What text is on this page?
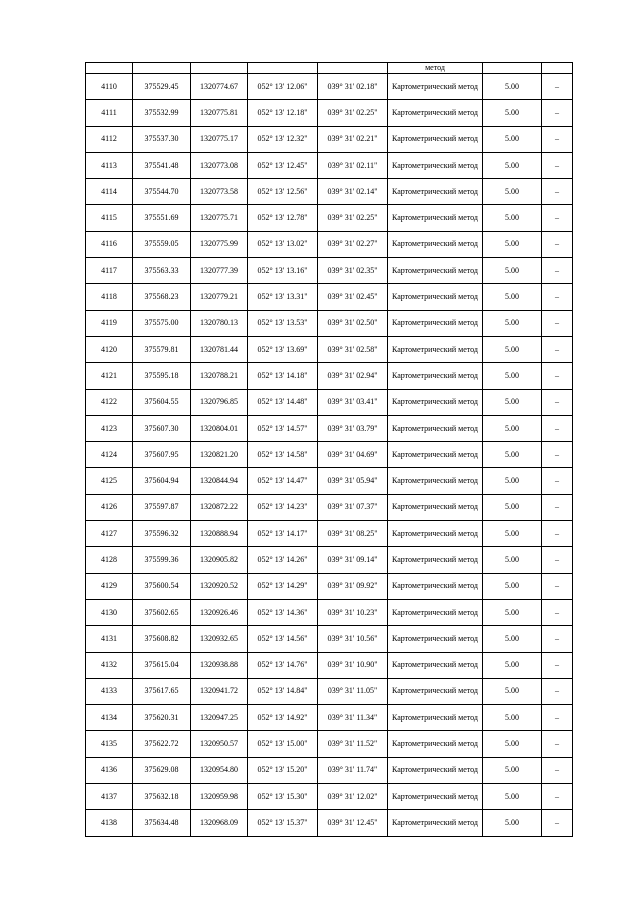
					метод		
4110	375529.45	1320774.67	052° 13' 12.06"	039° 31' 02.18"	Картометрический метод	5.00	–
4111	375532.99	1320775.81	052° 13' 12.18"	039° 31' 02.25"	Картометрический метод	5.00	–
4112	375537.30	1320775.17	052° 13' 12.32"	039° 31' 02.21"	Картометрический метод	5.00	–
4113	375541.48	1320773.08	052° 13' 12.45"	039° 31' 02.11"	Картометрический метод	5.00	–
4114	375544.70	1320773.58	052° 13' 12.56"	039° 31' 02.14"	Картометрический метод	5.00	–
4115	375551.69	1320775.71	052° 13' 12.78"	039° 31' 02.25"	Картометрический метод	5.00	–
4116	375559.05	1320775.99	052° 13' 13.02"	039° 31' 02.27"	Картометрический метод	5.00	–
4117	375563.33	1320777.39	052° 13' 13.16"	039° 31' 02.35"	Картометрический метод	5.00	–
4118	375568.23	1320779.21	052° 13' 13.31"	039° 31' 02.45"	Картометрический метод	5.00	–
4119	375575.00	1320780.13	052° 13' 13.53"	039° 31' 02.50"	Картометрический метод	5.00	–
4120	375579.81	1320781.44	052° 13' 13.69"	039° 31' 02.58"	Картометрический метод	5.00	–
4121	375595.18	1320788.21	052° 13' 14.18"	039° 31' 02.94"	Картометрический метод	5.00	–
4122	375604.55	1320796.85	052° 13' 14.48"	039° 31' 03.41"	Картометрический метод	5.00	–
4123	375607.30	1320804.01	052° 13' 14.57"	039° 31' 03.79"	Картометрический метод	5.00	–
4124	375607.95	1320821.20	052° 13' 14.58"	039° 31' 04.69"	Картометрический метод	5.00	–
4125	375604.94	1320844.94	052° 13' 14.47"	039° 31' 05.94"	Картометрический метод	5.00	–
4126	375597.87	1320872.22	052° 13' 14.23"	039° 31' 07.37"	Картометрический метод	5.00	–
4127	375596.32	1320888.94	052° 13' 14.17"	039° 31' 08.25"	Картометрический метод	5.00	–
4128	375599.36	1320905.82	052° 13' 14.26"	039° 31' 09.14"	Картометрический метод	5.00	–
4129	375600.54	1320920.52	052° 13' 14.29"	039° 31' 09.92"	Картометрический метод	5.00	–
4130	375602.65	1320926.46	052° 13' 14.36"	039° 31' 10.23"	Картометрический метод	5.00	–
4131	375608.82	1320932.65	052° 13' 14.56"	039° 31' 10.56"	Картометрический метод	5.00	–
4132	375615.04	1320938.88	052° 13' 14.76"	039° 31' 10.90"	Картометрический метод	5.00	–
4133	375617.65	1320941.72	052° 13' 14.84"	039° 31' 11.05"	Картометрический метод	5.00	–
4134	375620.31	1320947.25	052° 13' 14.92"	039° 31' 11.34"	Картометрический метод	5.00	–
4135	375622.72	1320950.57	052° 13' 15.00"	039° 31' 11.52"	Картометрический метод	5.00	–
4136	375629.08	1320954.80	052° 13' 15.20"	039° 31' 11.74"	Картометрический метод	5.00	–
4137	375632.18	1320959.98	052° 13' 15.30"	039° 31' 12.02"	Картометрический метод	5.00	–
4138	375634.48	1320968.09	052° 13' 15.37"	039° 31' 12.45"	Картометрический метод	5.00	–
